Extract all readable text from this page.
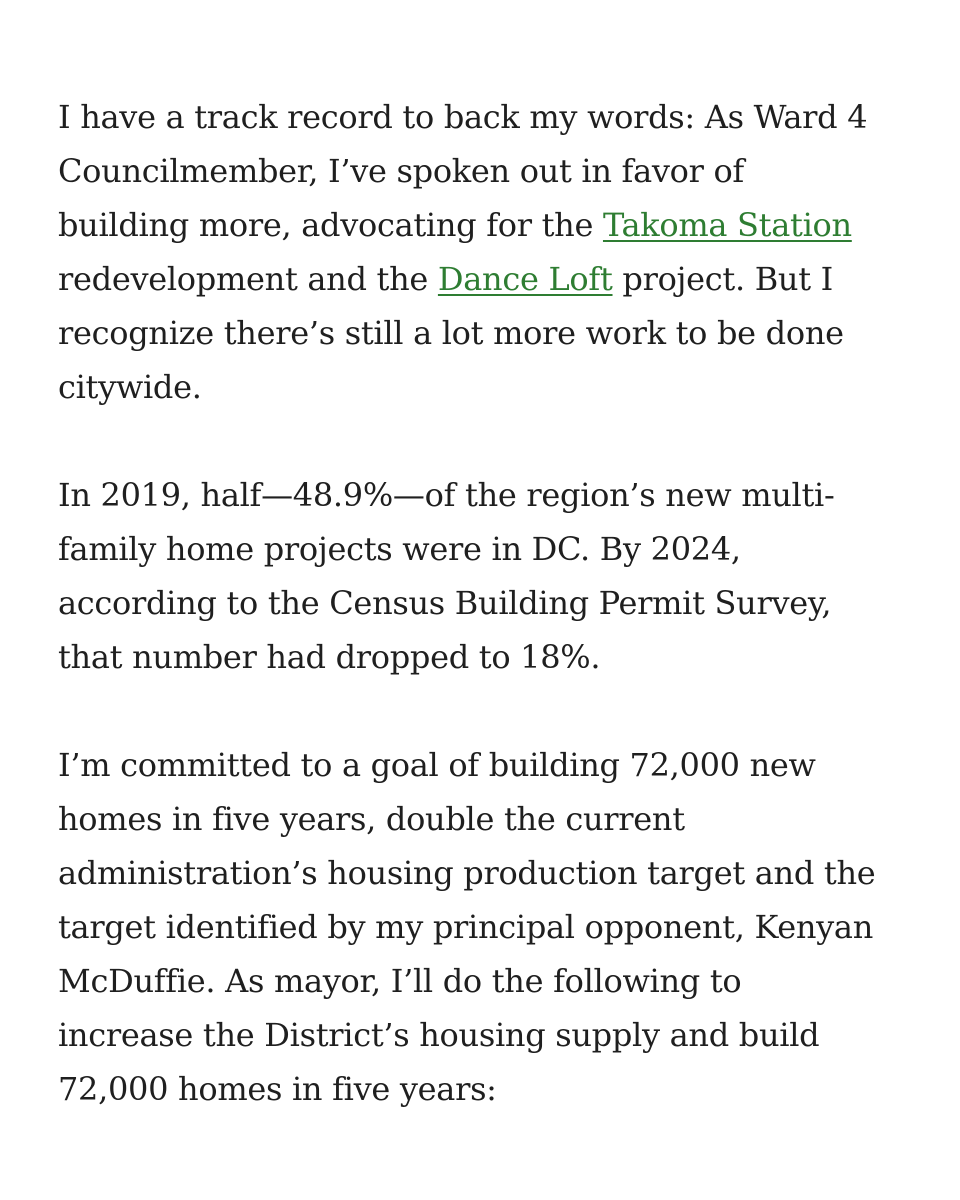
I have a track record to back my words: As Ward 4
Councilmember, I’ve spoken out in favor of
building more, advocating for the Takoma Station
redevelopment and the Dance Loft project. But I
recognize there’s still a lot more work to be done
citywide.

In 2019, half—48.9%—of the region’s new multi-
family home projects were in DC. By 2024,
according to the Census Building Permit Survey,
that number had dropped to 18%.

I’m committed to a goal of building 72,000 new
homes in five years, double the current
administration’s housing production target and the
target identified by my principal opponent, Kenyan
McDuffie. As mayor, I’ll do the following to
increase the District’s housing supply and build
72,000 homes in five years:
